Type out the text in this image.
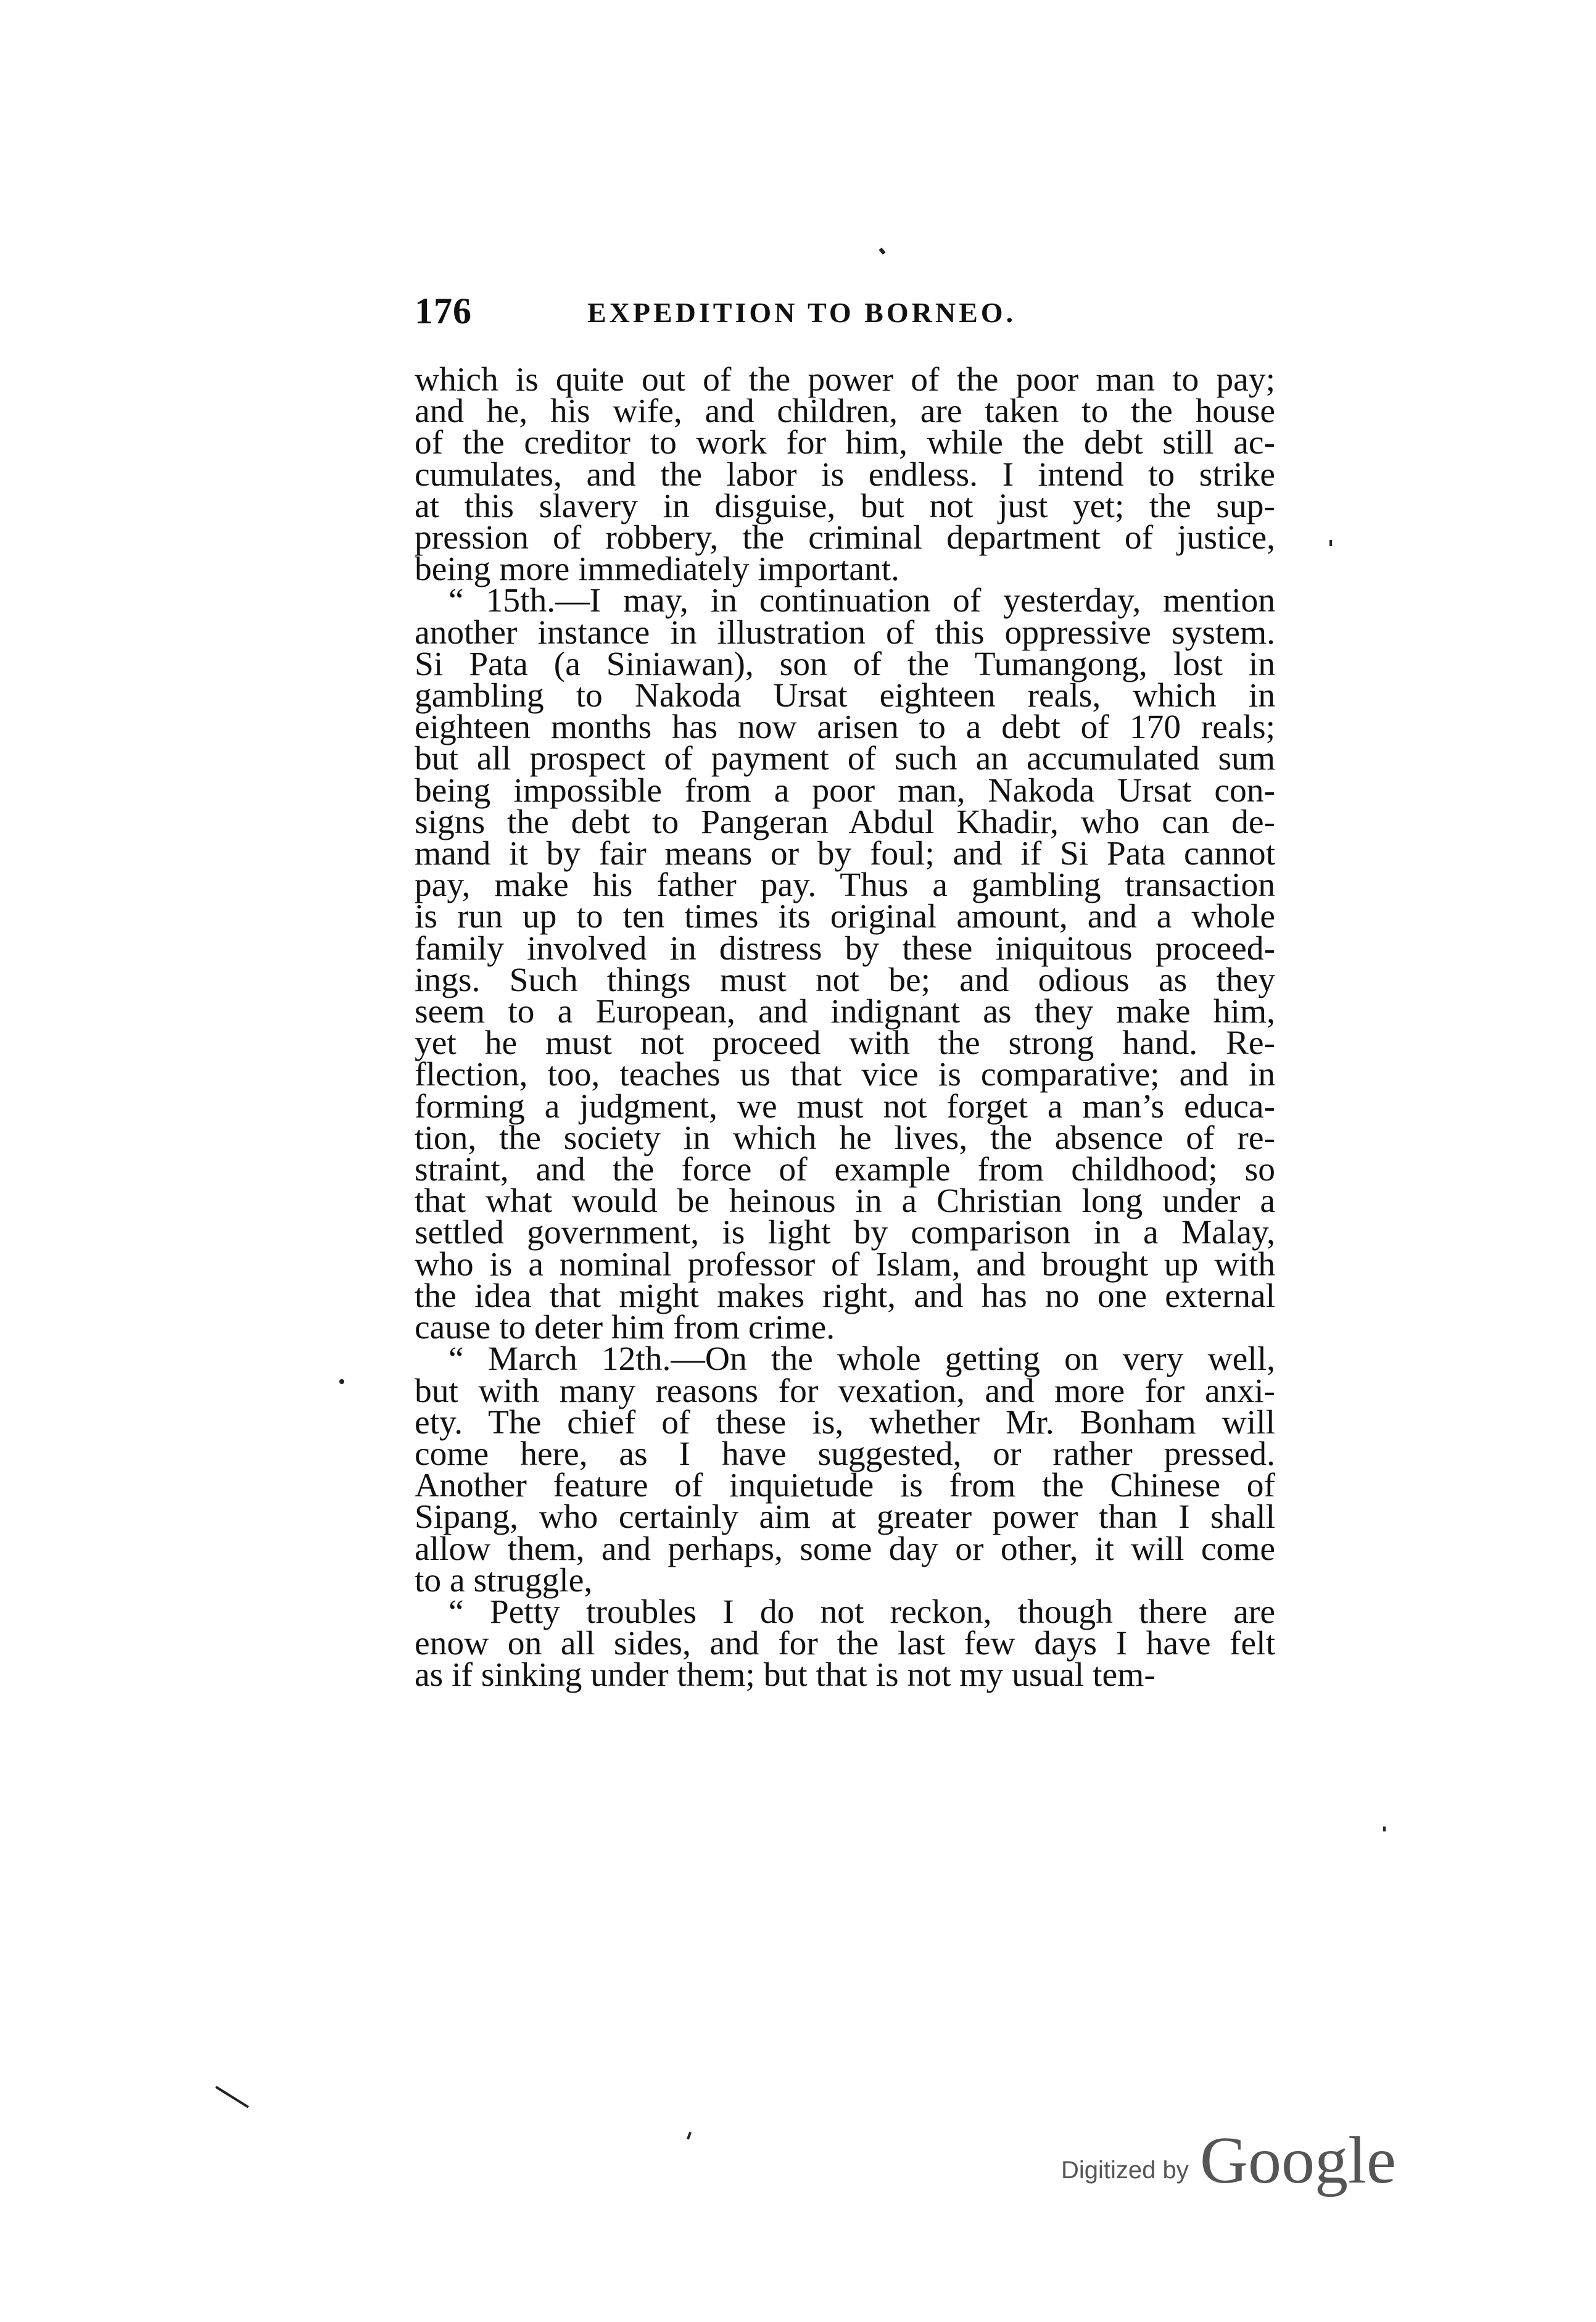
176	EXPEDITION TO BORNEO.
which is quite out of the power of the poor man to pay;
and he, his wife, and children, are taken to the house
of the creditor to work for him, while the debt still ac-
cumulates, and the labor is endless. I intend to strike
at this slavery in disguise, but not just yet; the sup-
pression of robbery, the criminal department of justice,
being more immediately important.
“ 15th.—I may, in continuation of yesterday, mention
another instance in illustration of this oppressive system.
Si Pata (a Siniawan), son of the Tumangong, lost in
gambling to Nakoda Ursat eighteen reals, which in
eighteen months has now arisen to a debt of 170 reals;
but all prospect of payment of such an accumulated sum
being impossible from a poor man, Nakoda Ursat con-
signs the debt to Pangeran Abdul Khadir, who can de-
mand it by fair means or by foul; and if Si Pata cannot
pay, make his father pay. Thus a gambling transaction
is run up to ten times its original amount, and a whole
family involved in distress by these iniquitous proceed-
ings. Such things must not be; and odious as they
seem to a European, and indignant as they make him,
yet he must not proceed with the strong hand. Re-
flection, too, teaches us that vice is comparative; and in
forming a judgment, we must not forget a man’s educa-
tion, the society in which he lives, the absence of re-
straint, and the force of example from childhood; so
that what would be heinous in a Christian long under a
settled government, is light by comparison in a Malay,
who is a nominal professor of Islam, and brought up with
the idea that might makes right, and has no one external
cause to deter him from crime.
“ March 12th.—On the whole getting on very well,
but with many reasons for vexation, and more for anxi-
ety. The chief of these is, whether Mr. Bonham will
come here, as I have suggested, or rather pressed.
Another feature of inquietude is from the Chinese of
Sipang, who certainly aim at greater power than I shall
allow them, and perhaps, some day or other, it will come
to a struggle,
“ Petty troubles I do not reckon, though there are
enow on all sides, and for the last few days I have felt
as if sinking under them; but that is not my usual tem-
Digitized by Google
